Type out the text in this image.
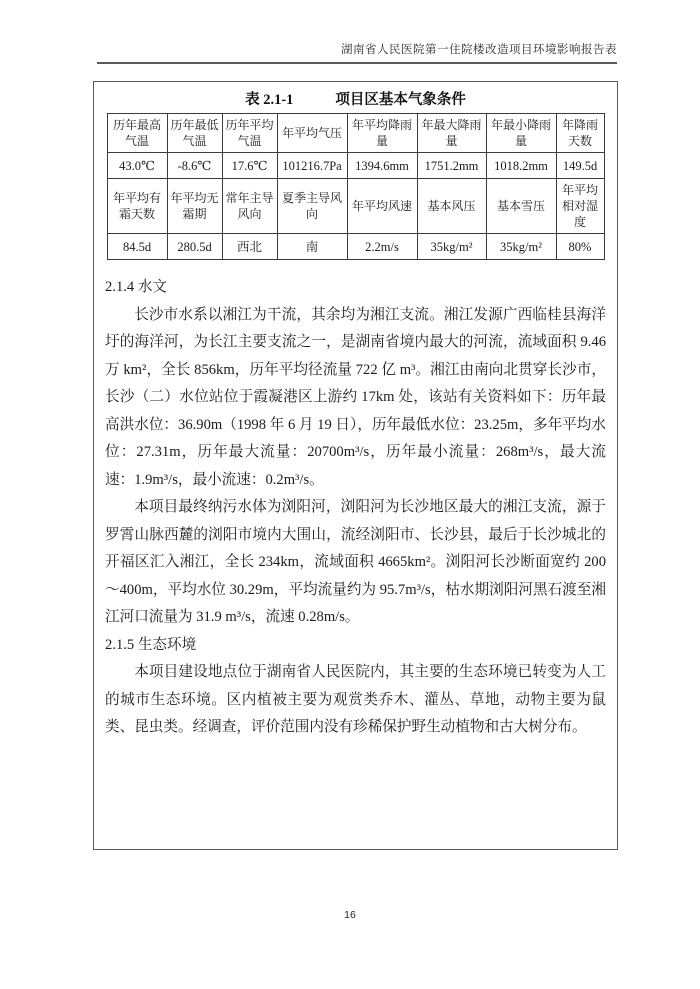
湖南省人民医院第一住院楼改造项目环境影响报告表
表 2.1-1	项目区基本气象条件
历年最高气温	历年最低气温	历年平均气温	年平均气压	年平均降雨量	年最大降雨量	年最小降雨量	年降雨天数
43.0℃	-8.6℃	17.6℃	101216.7Pa	1394.6mm	1751.2mm	1018.2mm	149.5d
年平均有霜天数	年平均无霜期	常年主导风向	夏季主导风向	年平均风速	基本风压	基本雪压	年平均相对湿度
84.5d	280.5d	西北	南	2.2m/s	35kg/m²	35kg/m²	80%
2.1.4 水文

长沙市水系以湘江为干流，其余均为湘江支流。湘江发源广西临桂县海洋圩的海洋河，为长江主要支流之一，是湖南省境内最大的河流，流域面积 9.46 万 km²，全长 856km，历年平均径流量 722 亿 m³。湘江由南向北贯穿长沙市，长沙（二）水位站位于霞凝港区上游约 17km 处，该站有关资料如下：历年最高洪水位：36.90m（1998 年 6 月 19 日），历年最低水位：23.25m，多年平均水位：27.31m，历年最大流量：20700m³/s，历年最小流量：268m³/s，最大流速：1.9m³/s，最小流速：0.2m³/s。

本项目最终纳污水体为浏阳河，浏阳河为长沙地区最大的湘江支流，源于罗霄山脉西麓的浏阳市境内大围山，流经浏阳市、长沙县，最后于长沙城北的开福区汇入湘江，全长 234km，流域面积 4665km²。浏阳河长沙断面宽约 200～400m，平均水位 30.29m，平均流量约为 95.7m³/s，枯水期浏阳河黑石渡至湘江河口流量为 31.9 m³/s，流速 0.28m/s。

2.1.5 生态环境

本项目建设地点位于湖南省人民医院内，其主要的生态环境已转变为人工的城市生态环境。区内植被主要为观赏类乔木、灌丛、草地，动物主要为鼠类、昆虫类。经调查，评价范围内没有珍稀保护野生动植物和古大树分布。

16
